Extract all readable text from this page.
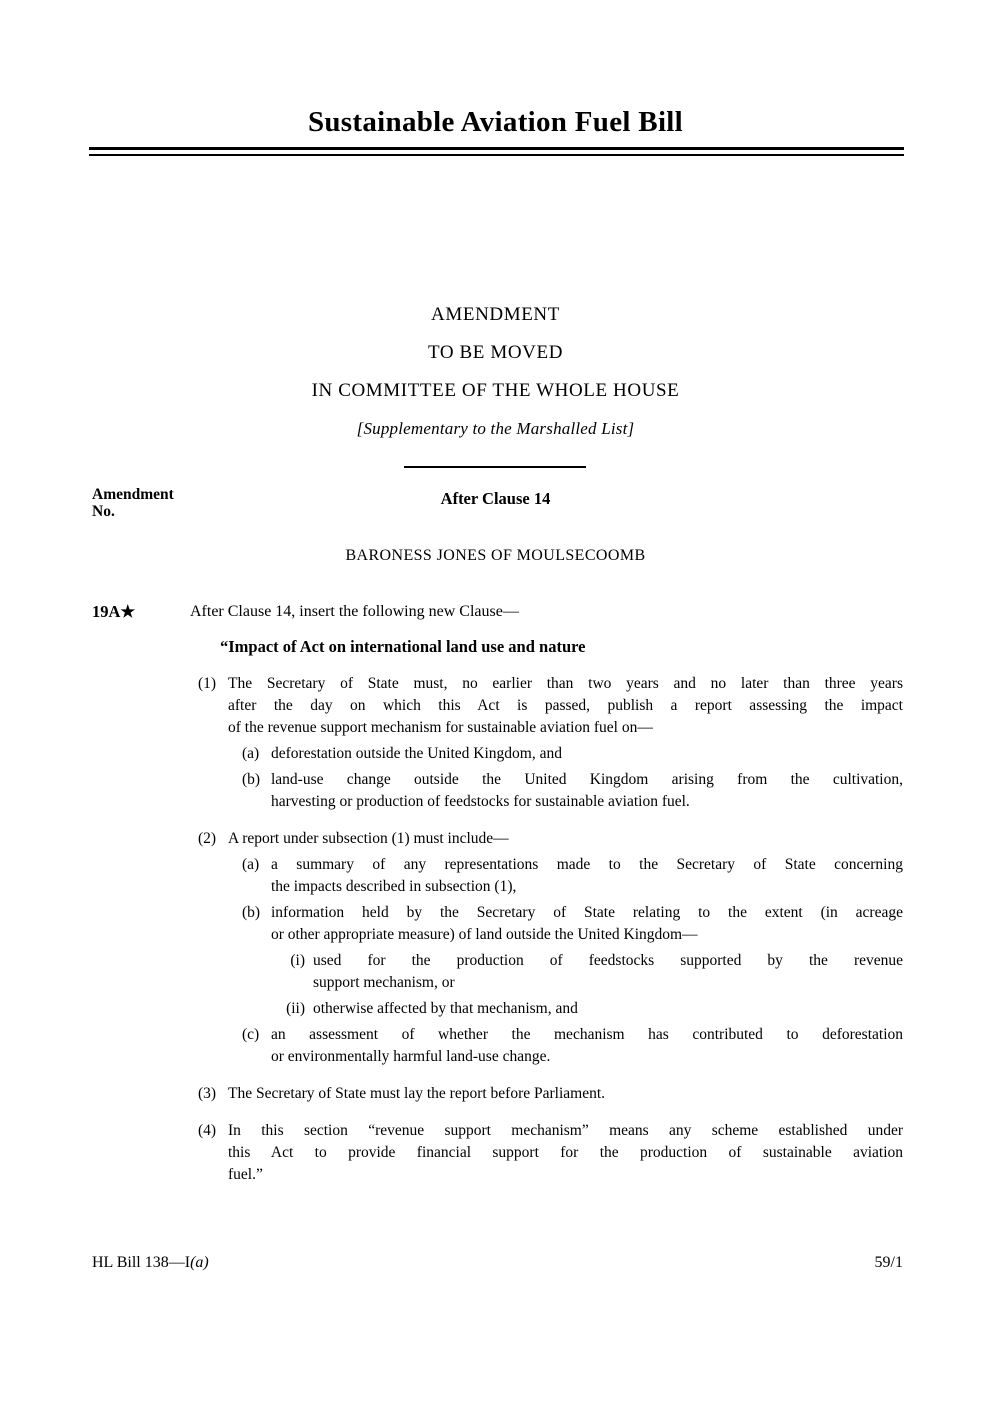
Sustainable Aviation Fuel Bill
AMENDMENT
TO BE MOVED
IN COMMITTEE OF THE WHOLE HOUSE
[Supplementary to the Marshalled List]
Amendment
No.
After Clause 14
BARONESS JONES OF MOULSECOOMB
19A★	After Clause 14, insert the following new Clause—
“Impact of Act on international land use and nature
(1) The Secretary of State must, no earlier than two years and no later than three years
after the day on which this Act is passed, publish a report assessing the impact
of the revenue support mechanism for sustainable aviation fuel on—
(a) deforestation outside the United Kingdom, and
(b) land-use change outside the United Kingdom arising from the cultivation,
harvesting or production of feedstocks for sustainable aviation fuel.
(2) A report under subsection (1) must include—
(a) a summary of any representations made to the Secretary of State concerning
the impacts described in subsection (1),
(b) information held by the Secretary of State relating to the extent (in acreage
or other appropriate measure) of land outside the United Kingdom—
(i) used for the production of feedstocks supported by the revenue
support mechanism, or
(ii) otherwise affected by that mechanism, and
(c) an assessment of whether the mechanism has contributed to deforestation
or environmentally harmful land-use change.
(3) The Secretary of State must lay the report before Parliament.
(4) In this section “revenue support mechanism” means any scheme established under
this Act to provide financial support for the production of sustainable aviation
fuel.”
HL Bill 138—I(a)	59/1
